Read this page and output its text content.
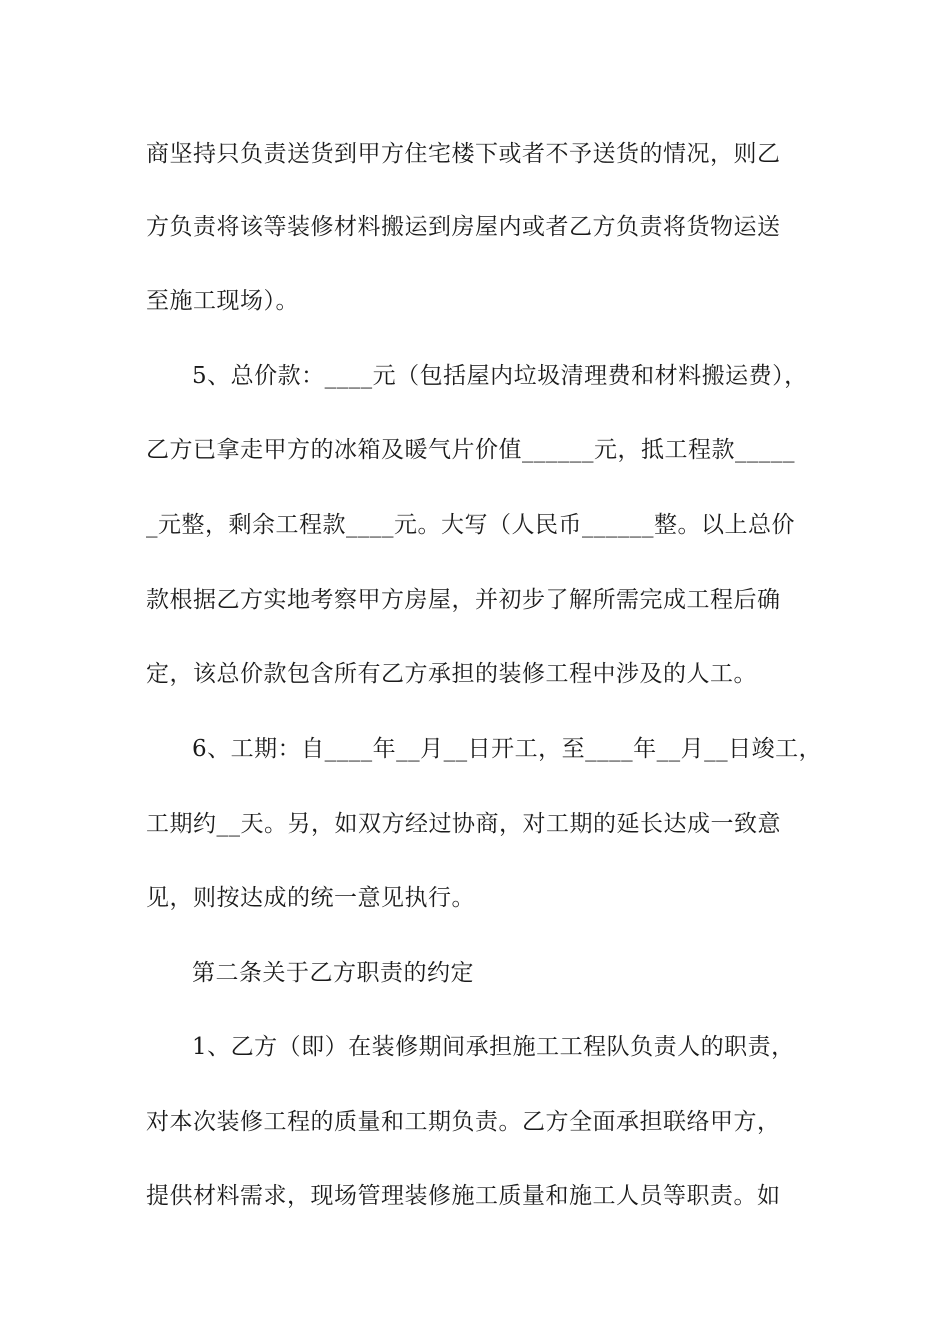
商坚持只负责送货到甲方住宅楼下或者不予送货的情况，则乙
方负责将该等装修材料搬运到房屋内或者乙方负责将货物运送
至施工现场）。
5、总价款：____元（包括屋内垃圾清理费和材料搬运费），
乙方已拿走甲方的冰箱及暖气片价值______元，抵工程款_____
_元整，剩余工程款____元。大写（人民币______整。以上总价
款根据乙方实地考察甲方房屋，并初步了解所需完成工程后确
定，该总价款包含所有乙方承担的装修工程中涉及的人工。
6、工期：自____年__月__日开工，至____年__月__日竣工，
工期约__天。另，如双方经过协商，对工期的延长达成一致意
见，则按达成的统一意见执行。
第二条关于乙方职责的约定
1、乙方（即）在装修期间承担施工工程队负责人的职责，
对本次装修工程的质量和工期负责。乙方全面承担联络甲方，
提供材料需求，现场管理装修施工质量和施工人员等职责。如
